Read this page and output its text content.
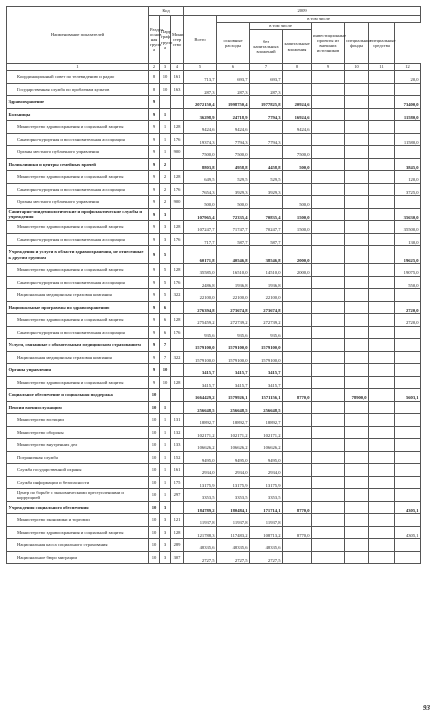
Наименование показателей	Код			2009							
	Раздел основ ная групп а	Парр граф групп а	Мини стер ство	Всего	в том числе						
					основные расходы	в том числе		инвестиционные проекты из внешних источников	специальные фонды	специальные средства	
						без капитальных вложений	капитальные вложения				
1	2	3	4	5	6	7	8	9	10	11	12
Координационный совет по телевидению и радио	8	10	161	713,7	693,7	693,7					20,0
Государственная служба по проблемам культов	8	10	163	287,3	287,3	287,3					
Здравоохранение	9			2072150,4	1998750,4	1977825,8	20924,6				73400,0
Больницы	9	1		36298,9	24718,9	7794,3	16924,6				11580,0
Министерство здравоохранения и социальной защиты	9	1	128	9424,6	9424,6		9424,6				
Санаторно-курортная и восстановительная ассоциация	9	1	176	19374,3	7794,3	7794,3					11580,0
Органы местного публичного управления	9	1	900	7500,0	7500,0		7500,0				
Поликлиники и центры семейных врачей	9	2		8803,8	4958,8	4458,8	500,0				3845,0
Министерство здравоохранения и социальной защиты	9	2	128	649,5	529,5	529,5					120,0
Санаторно-курортная и восстановительная ассоциация	9	2	176	7654,3	3929,3	3929,3					3725,0
Органы местного публичного управления	9	2	900	500,0	500,0		500,0				
Санитарно-эпидемиологические и профилактические службы и учреждения	9	3		107965,4	72335,4	70835,4	1500,0				35630,0
Министерство здравоохранения и социальной защиты	9	3	128	107247,7	71747,7	70247,7	1500,0				35500,0
Санаторно-курортная и восстановительная ассоциация	9	3	176	717,7	587,7	587,7					130,0
Учреждения и услуги в области здравоохранения, не отнесенные к другим группам	9	5		60171,8	40546,8	38546,8	2000,0				19625,0
Министерство здравоохранения и социальной защиты	9	5	128	35585,0	16510,0	14510,0	2000,0				19075,0
Санаторно-курортная и восстановительная ассоциация	9	5	176	2486,8	1936,8	1936,8					550,0
Национальная медицинская страховая компания	9	5	322	22100,0	22100,0	22100,0					
Национальные программы по здравоохранению	9	6		276394,8	273674,8	273674,8					2720,0
Министерство здравоохранения и социальной защиты	9	6	128	275459,2	272739,2	272739,2					2720,0
Санаторно-курортная и восстановительная ассоциация	9	6	176	935,6	935,6	935,6					
Услуги, связанные с обязательным медицинским страхованием	9	7		1579100,0	1579100,0	1579100,0					
Национальная медицинская страховая компания	9	7	322	1579100,0	1579100,0	1579100,0					
Органы управления	9	10		3415,7	3415,7	3415,7					
Министерство здравоохранения и социальной защиты	9	10	128	3415,7	3415,7	3415,7					
Социальное обеспечение и социальная поддержка	10			1664429,2	1579926,1	1571156,1	8770,0		78900,0		5603,1
Пенсии военнослужащим	10	1		256648,5	256648,5	256648,5					
Министерство юстиции	10	1	131	18892,7	18892,7	18892,7					
Министерство обороны	10	1	132	102171,2	102171,2	102171,2					
Министерство внутренних дел	10	1	133	106626,2	106626,2	106626,2					
Пограничная служба	10	1	152	9495,0	9495,0	9495,0					
Служба государственной охраны	10	1	161	2934,0	2934,0	2934,0					
Служба информации и безопасности	10	1	175	13175,9	13175,9	13175,9					
Центр по борьбе с экономическими преступлениями и коррупцией	10	1	297	3353,5	3353,5	3353,5					
Учреждения социального обеспечения	10	3		184789,2	180484,1	171714,1	8770,0				4305,1
Министерство экономики и торговли	10	3	121	11937,8	11937,8	11937,8					
Министерство здравоохранения и социальной защиты	10	3	128	121788,3	117483,2	108713,2	8770,0				4305,1
Национальная касса социального страхования	10	3	289	48335,6	48335,6	48335,6					
Национальное бюро миграции	10	3	307	2727,5	2727,5	2727,5					
93
